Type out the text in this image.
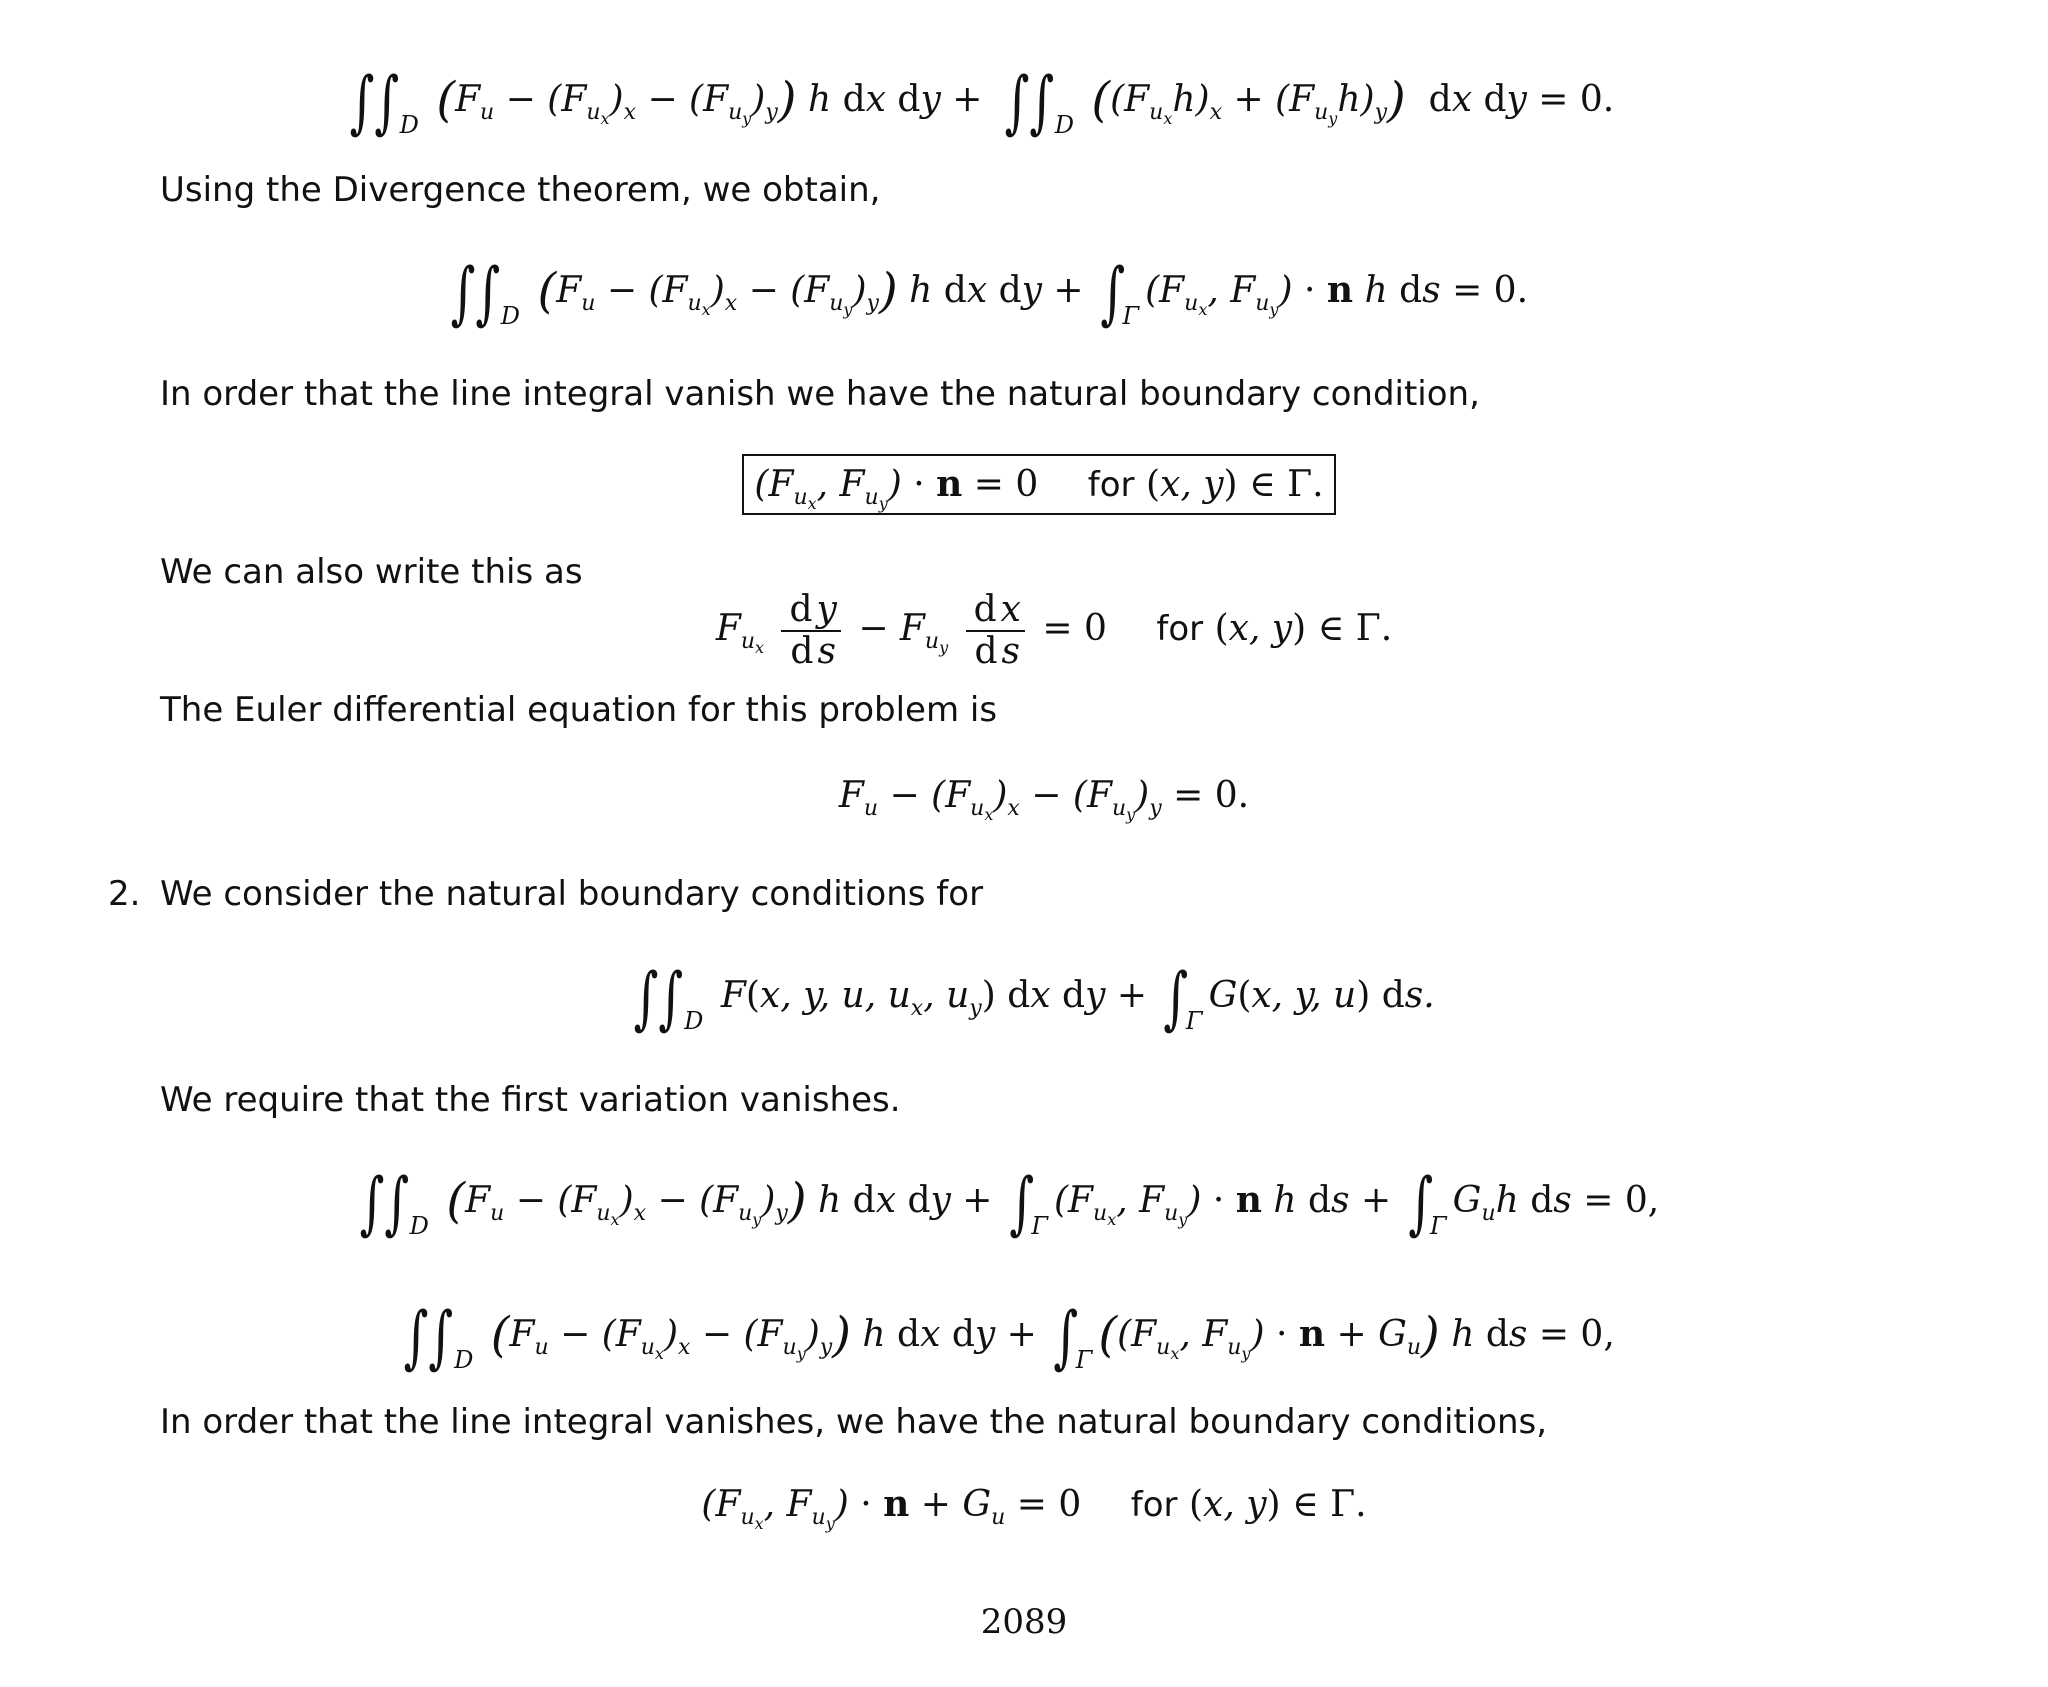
$\int\int_D$ $(F_u - (F_{u_x})_x - (F_{u_y})_y)$ h dx dy + $\int\int_D$ $((F_{u_x}h)_x + (F_{u_y}h)_y)$ dx dy = 0.
Using the Divergence theorem, we obtain,
$\int\int_D$ $(F_u - (F_{u_x})_x - (F_{u_y})_y)$ h dx dy + $\int_\Gamma(F_{u_x}$, $F_{u_y}) \cdot n$ h ds = 0.
In order that the line integral vanish we have the natural boundary condition,
($F_{u_x}$, $F_{u_y}) \cdot n = 0$ for (x, y) ∈ Γ.
We can also write this as
$F_{u_x} \frac{\text{d y}}{\text{d s}} - F_{u_y} \frac{\text{d x}}{\text{d s}} = 0$ for (x, y) ∈ Γ.
The Euler differential equation for this problem is
$F_u - (F_{u_x})_x - (F_{u_y})_y = 0$.
2. We consider the natural boundary conditions for
$\int\int_D$ F(x, y, u, $u_x$, $u_y$) dx dy + $\int_\Gamma G(x$, y, u) ds.
We require that the first variation vanishes.
$\int\int_D$ $(F_u - (F_{u_x})_x - (F_{u_y})_y)$ h dx dy + $\int_\Gamma(F_{u_x}$, $F_{u_y}) \cdot n$ h ds + $\int_\Gamma G_uh$ ds = 0,
$\int\int_D$ $(F_u - (F_{u_x})_x - (F_{u_y})_y)$ h dx dy + $\int_\Gamma$ (($F_{u_x}$, $F_{u_y}) \cdot n + G_u$) h ds = 0,
In order that the line integral vanishes, we have the natural boundary conditions,
($F_{u_x}$, $F_{u_y}) \cdot n + G_u = 0$ for (x, y) ∈ Γ.
2089
